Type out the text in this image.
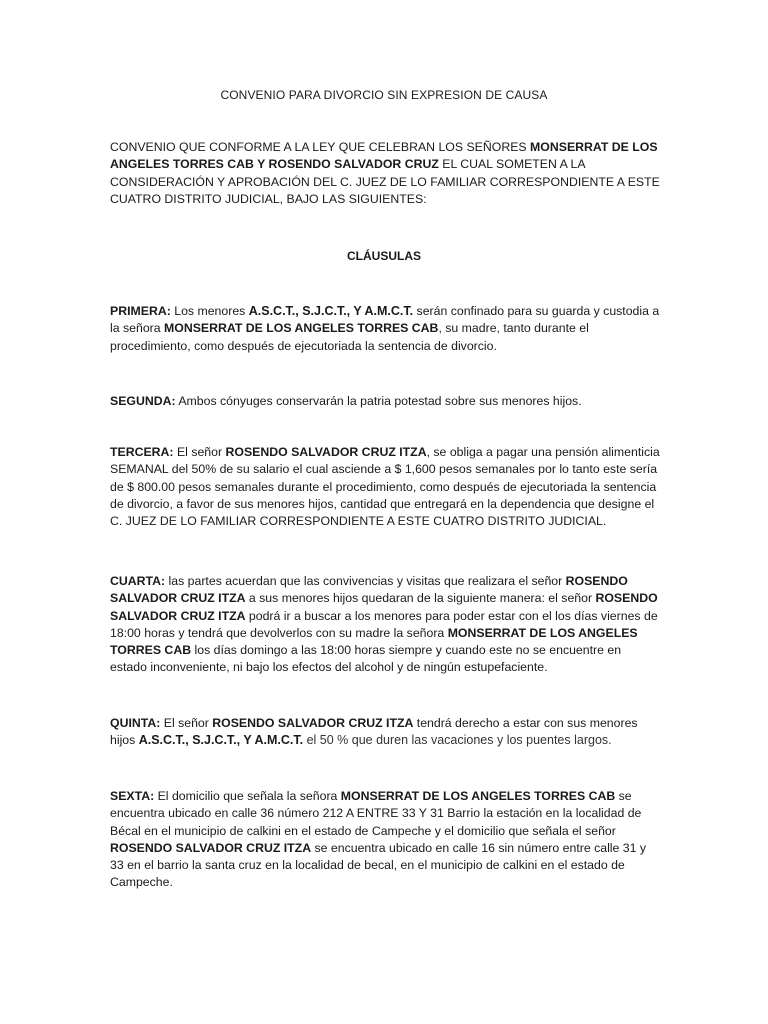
CONVENIO PARA DIVORCIO SIN EXPRESION DE CAUSA
CONVENIO QUE CONFORME A LA LEY QUE CELEBRAN LOS SEÑORES MONSERRAT DE LOS ANGELES TORRES CAB Y ROSENDO SALVADOR CRUZ EL CUAL SOMETEN A LA CONSIDERACIÓN Y APROBACIÓN DEL C. JUEZ DE LO FAMILIAR CORRESPONDIENTE A ESTE CUATRO DISTRITO JUDICIAL, BAJO LAS SIGUIENTES:
CLÁUSULAS
PRIMERA: Los menores A.S.C.T., S.J.C.T., Y A.M.C.T. serán confinado para su guarda y custodia a la señora MONSERRAT DE LOS ANGELES TORRES CAB, su madre, tanto durante el procedimiento, como después de ejecutoriada la sentencia de divorcio.
SEGUNDA: Ambos cónyuges conservarán la patria potestad sobre sus menores hijos.
TERCERA: El señor ROSENDO SALVADOR CRUZ ITZA, se obliga a pagar una pensión alimenticia SEMANAL del 50% de su salario el cual asciende a $ 1,600 pesos semanales por lo tanto este sería de $ 800.00 pesos semanales durante el procedimiento, como después de ejecutoriada la sentencia de divorcio, a favor de sus menores hijos, cantidad que entregará en la dependencia que designe el C. JUEZ DE LO FAMILIAR CORRESPONDIENTE A ESTE CUATRO DISTRITO JUDICIAL.
CUARTA: las partes acuerdan que las convivencias y visitas que realizara el señor ROSENDO SALVADOR CRUZ ITZA a sus menores hijos quedaran de la siguiente manera: el señor ROSENDO SALVADOR CRUZ ITZA podrá ir a buscar a los menores para poder estar con el los días viernes de 18:00 horas y tendrá que devolverlos con su madre la señora MONSERRAT DE LOS ANGELES TORRES CAB los días domingo a las 18:00 horas siempre y cuando este no se encuentre en estado inconveniente, ni bajo los efectos del alcohol y de ningún estupefaciente.
QUINTA: El señor ROSENDO SALVADOR CRUZ ITZA tendrá derecho a estar con sus menores hijos A.S.C.T., S.J.C.T., Y A.M.C.T. el 50 % que duren las vacaciones y los puentes largos.
SEXTA: El domicilio que señala la señora MONSERRAT DE LOS ANGELES TORRES CAB se encuentra ubicado en calle 36 número 212 A ENTRE 33 Y 31 Barrio la estación en la localidad de Bécal en el municipio de calkini en el estado de Campeche y el domicilio que señala el señor ROSENDO SALVADOR CRUZ ITZA se encuentra ubicado en calle 16 sin número entre calle 31 y 33 en el barrio la santa cruz en la localidad de becal, en el municipio de calkini en el estado de Campeche.
